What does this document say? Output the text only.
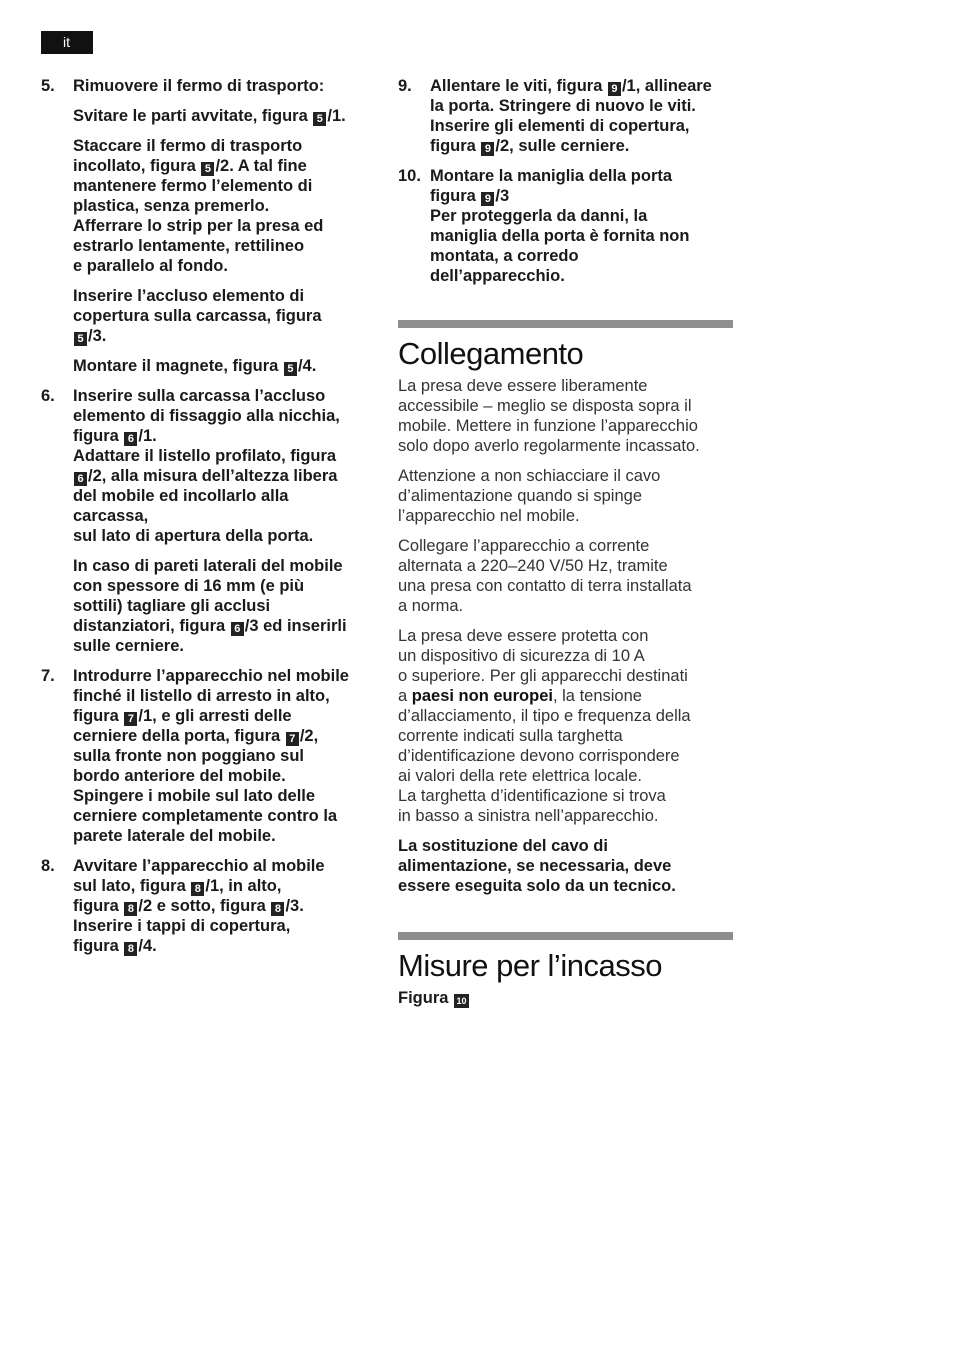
it
5. Rimuovere il fermo di trasporto:
Svitare le parti avvitate, figura 5 /1.
Staccare il fermo di trasporto
incollato, figura 5 /2. A tal fine
mantenere fermo l’elemento di
plastica, senza premerlo.
Afferrare lo strip per la presa ed
estrarlo lentamente, rettilineo
e parallelo al fondo.
Inserire l’accluso elemento di
copertura sulla carcassa, figura
5 /3.
Montare il magnete, figura 5 /4.
6. Inserire sulla carcassa l’accluso
elemento di fissaggio alla nicchia,
figura 6 /1.
Adattare il listello profilato, figura
6 /2, alla misura dell’altezza libera
del mobile ed incollarlo alla
carcassa,
sul lato di apertura della porta.
In caso di pareti laterali del mobile
con spessore di 16 mm (e più
sottili) tagliare gli acclusi
distanziatori, figura 6 /3 ed inserirli
sulle cerniere.
7. Introdurre l’apparecchio nel mobile
finché il listello di arresto in alto,
figura 7 /1, e gli arresti delle
cerniere della porta, figura 7 /2,
sulla fronte non poggiano sul
bordo anteriore del mobile.
Spingere i mobile sul lato delle
cerniere completamente contro la
parete laterale del mobile.
8. Avvitare l’apparecchio al mobile
sul lato, figura 8 /1, in alto,
figura 8 /2 e sotto, figura 8 /3.
Inserire i tappi di copertura,
figura 8 /4.
9. Allentare le viti, figura 9 /1, allineare
la porta. Stringere di nuovo le viti.
Inserire gli elementi di copertura,
figura 9 /2, sulle cerniere.
10. Montare la maniglia della porta
figura 9 /3
Per proteggerla da danni, la
maniglia della porta è fornita non
montata, a corredo
dell’apparecchio.
Collegamento
La presa deve essere liberamente
accessibile – meglio se disposta sopra il
mobile. Mettere in funzione l’apparecchio
solo dopo averlo regolarmente incassato.
Attenzione a non schiacciare il cavo
d’alimentazione quando si spinge
l’apparecchio nel mobile.
Collegare l’apparecchio a corrente
alternata a 220–240 V/50 Hz, tramite
una presa con contatto di terra installata
a norma.
La presa deve essere protetta con
un dispositivo di sicurezza di 10 A
o superiore. Per gli apparecchi destinati
a paesi non europei, la tensione
d’allacciamento, il tipo e frequenza della
corrente indicati sulla targhetta
d’identificazione devono corrispondere
ai valori della rete elettrica locale.
La targhetta d’identificazione si trova
in basso a sinistra nell’apparecchio.
La sostituzione del cavo di
alimentazione, se necessaria, deve
essere eseguita solo da un tecnico.
Misure per l’incasso
Figura 10
